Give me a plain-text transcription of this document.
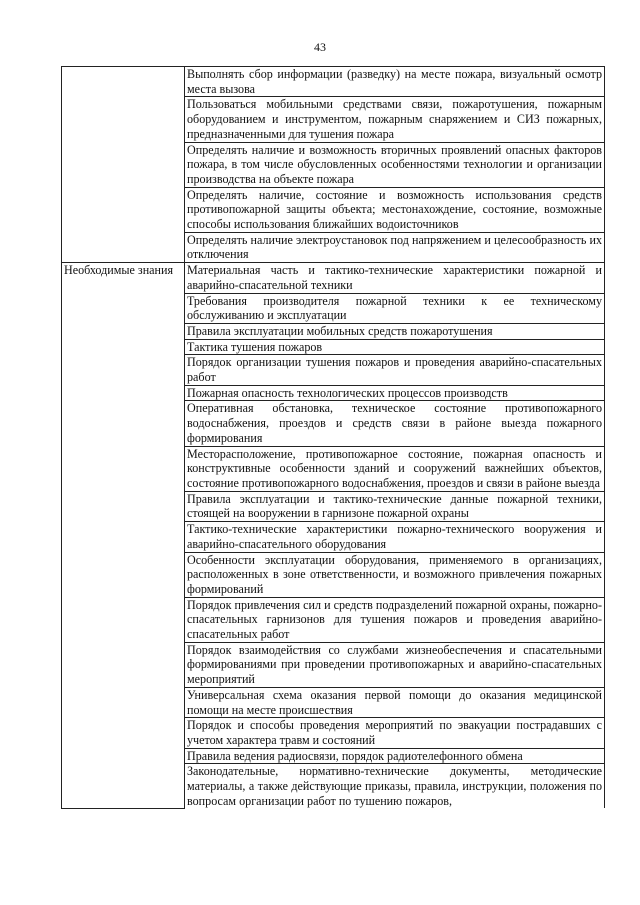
43
	Выполнять сбор информации (разведку) на месте пожара, визуальный осмотр места вызова
	Пользоваться мобильными средствами связи, пожаротушения, пожарным оборудованием и инструментом, пожарным снаряжением и СИЗ пожарных, предназначенными для тушения пожара
	Определять наличие и возможность вторичных проявлений опасных факторов пожара, в том числе обусловленных особенностями технологии и организации производства на объекте пожара
	Определять наличие, состояние и возможность использования средств противопожарной защиты объекта; местонахождение, состояние, возможные способы использования ближайших водоисточников
	Определять наличие электроустановок под напряжением и целесообразность их отключения
Необходимые знания	Материальная часть и тактико-технические характеристики пожарной и аварийно-спасательной техники
	Требования производителя пожарной техники к ее техническому обслуживанию и эксплуатации
	Правила эксплуатации мобильных средств пожаротушения
	Тактика тушения пожаров
	Порядок организации тушения пожаров и проведения аварийно-спасательных работ
	Пожарная опасность технологических процессов производств
	Оперативная обстановка, техническое состояние противопожарного водоснабжения, проездов и средств связи в районе выезда пожарного формирования
	Месторасположение, противопожарное состояние, пожарная опасность и конструктивные особенности зданий и сооружений важнейших объектов, состояние противопожарного водоснабжения, проездов и связи в районе выезда
	Правила эксплуатации и тактико-технические данные пожарной техники, стоящей на вооружении в гарнизоне пожарной охраны
	Тактико-технические характеристики пожарно-технического вооружения и аварийно-спасательного оборудования
	Особенности эксплуатации оборудования, применяемого в организациях, расположенных в зоне ответственности, и возможного привлечения пожарных формирований
	Порядок привлечения сил и средств подразделений пожарной охраны, пожарно-спасательных гарнизонов для тушения пожаров и проведения аварийно-спасательных работ
	Порядок взаимодействия со службами жизнеобеспечения и спасательными формированиями при проведении противопожарных и аварийно-спасательных мероприятий
	Универсальная схема оказания первой помощи до оказания медицинской помощи на месте происшествия
	Порядок и способы проведения мероприятий по эвакуации пострадавших с учетом характера травм и состояний
	Правила ведения радиосвязи, порядок радиотелефонного обмена
	Законодательные, нормативно-технические документы, методические материалы, а также действующие приказы, правила, инструкции, положения по вопросам организации работ по тушению пожаров,
